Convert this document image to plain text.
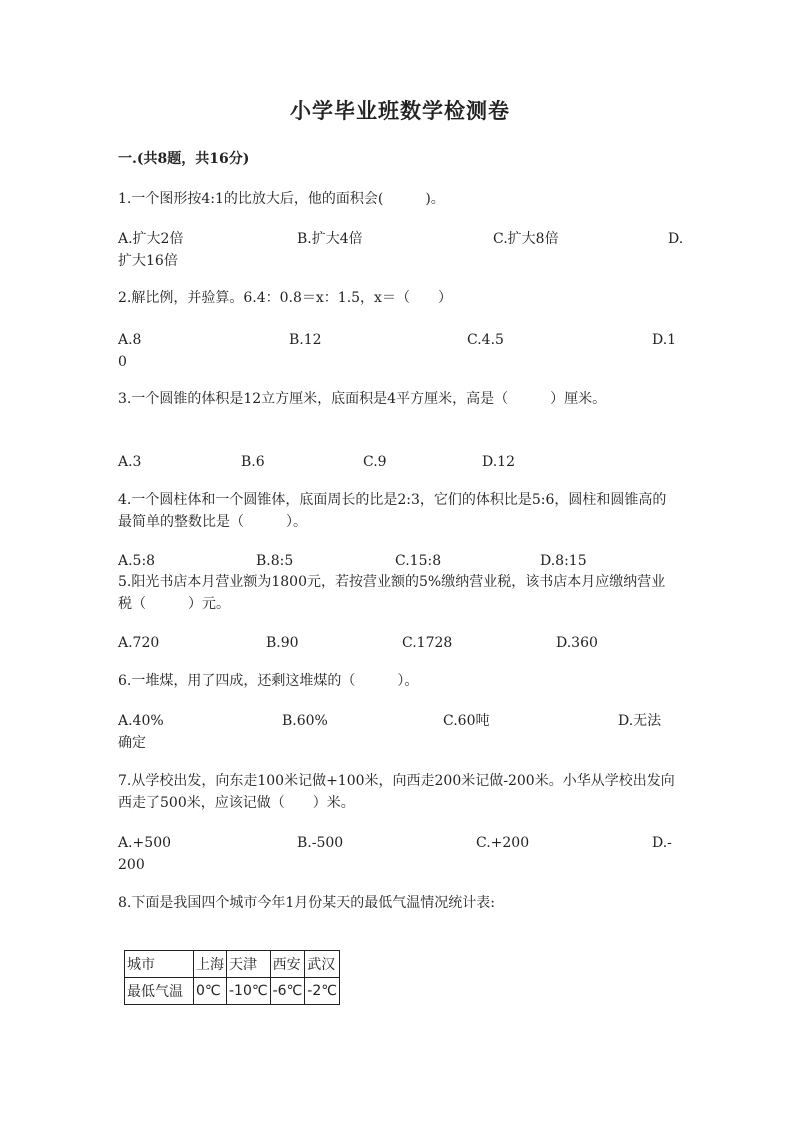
小学毕业班数学检测卷
一.(共8题，共16分)
1.一个图形按4:1的比放大后，他的面积会(　　　)。
A.扩大2倍	B.扩大4倍	C.扩大8倍	D.
扩大16倍
2.解比例，并验算。6.4：0.8＝x：1.5，x＝（　　）
A.8	B.12	C.4.5	D.1
0
3.一个圆锥的体积是12立方厘米，底面积是4平方厘米，高是（　　　）厘米。
A.3	B.6	C.9	D.12
4.一个圆柱体和一个圆锥体，底面周长的比是2:3，它们的体积比是5:6，圆柱和圆锥高的最简单的整数比是（　　　）。
A.5:8	B.8:5	C.15:8	D.8:15
5.阳光书店本月营业额为1800元，若按营业额的5%缴纳营业税，该书店本月应缴纳营业税（　　　）元。
A.720	B.90	C.1728	D.360
6.一堆煤，用了四成，还剩这堆煤的（　　　）。
A.40%	B.60%	C.60吨	D.无法
确定
7.从学校出发，向东走100米记做+100米，向西走200米记做-200米。小华从学校出发向西走了500米，应该记做（　　）米。
A.+500	B.-500	C.+200	D.-
200
8.下面是我国四个城市今年1月份某天的最低气温情况统计表:
城市	上海	天津	西安	武汉
最低气温	0℃	-10℃	-6℃	-2℃
